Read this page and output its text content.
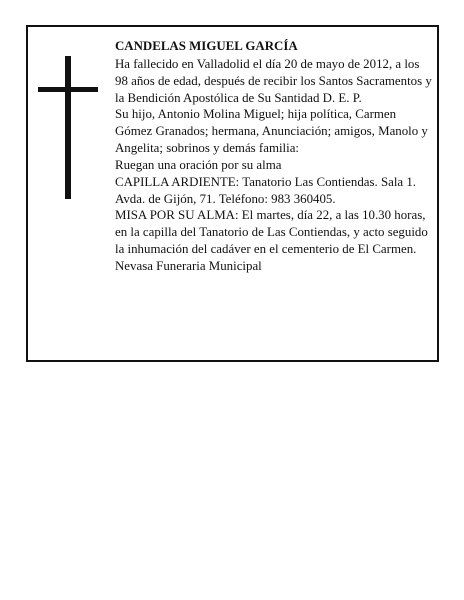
CANDELAS MIGUEL GARCÍA

Ha fallecido en Valladolid el día 20 de mayo de 2012, a los 98 años de edad, después de recibir los Santos Sacramentos y la Bendición Apostólica de Su Santidad D. E. P.

Su hijo, Antonio Molina Miguel; hija política, Carmen Gómez Granados; hermana, Anunciación; amigos, Manolo y Angelita; sobrinos y demás familia:

Ruegan una oración por su alma

CAPILLA ARDIENTE: Tanatorio Las Contiendas. Sala 1. Avda. de Gijón, 71. Teléfono: 983 360405.

MISA POR SU ALMA: El martes, día 22, a las 10.30 horas, en la capilla del Tanatorio de Las Contiendas, y acto seguido la inhumación del cadáver en el cementerio de El Carmen.

Nevasa Funeraria Municipal
